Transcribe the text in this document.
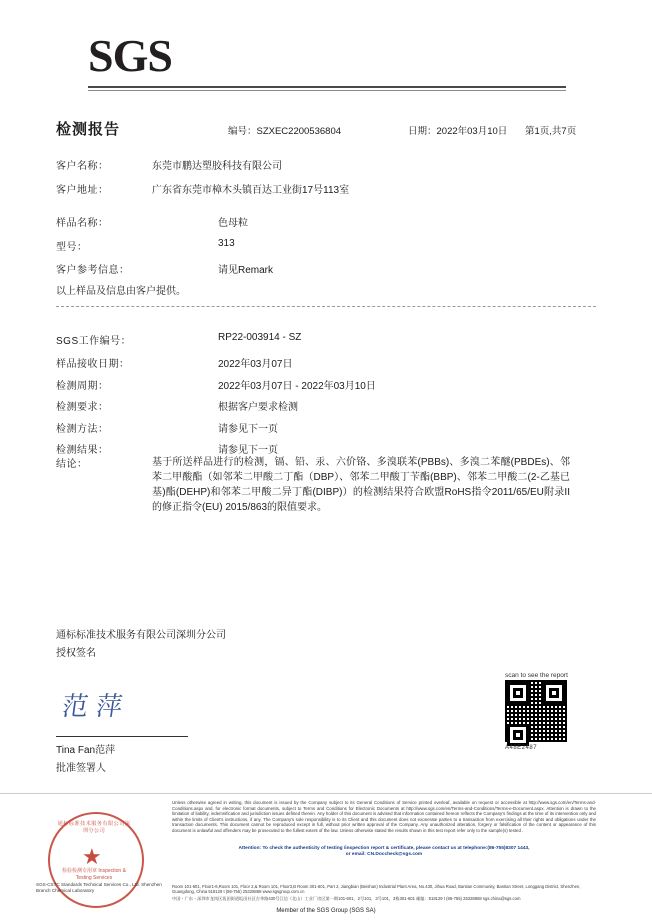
SGS
检测报告	编号：SZXEC2200536804	日期：2022年03月10日 第1页,共7页
客户名称：	东莞市鹏达塑胶科技有限公司
客户地址：	广东省东莞市樟木头镇百达工业街17号113室
样品名称：	色母粒
型号：	313
客户参考信息：	请见Remark
以上样品及信息由客户提供。
SGS工作编号：	RP22-003914 - SZ
样品接收日期：	2022年03月07日
检测周期：	2022年03月07日 - 2022年03月10日
检测要求：	根据客户要求检测
检测方法：	请参见下一页
检测结果：	请参见下一页
结论：	基于所送样品进行的检测，镉、铅、汞、六价铬、多溴联苯(PBBs)、多溴二苯醚(PBDEs)、邻苯二甲酸酯（如邻苯二甲酸二丁酯（DBP）、邻苯二甲酸丁苄酯(BBP)、邻苯二甲酸二(2-乙基已基)酯(DEHP)和邻苯二甲酸二异丁酯(DIBP)）的检测结果符合欧盟RoHS指令2011/65/EU附录II的修正指令(EU) 2015/863的限值要求。
通标标准技术服务有限公司深圳分公司
授权签名
范萍
Tina Fan范萍
批准签署人
scan to see the report
A48E2487
Unless otherwise agreed in writing, this document is issued by the Company subject to its General Conditions of Service printed overleaf, available on request or accessible at http://www.sgs.com/en/Terms-and-Conditions.aspx and, for electronic format documents, subject to Terms and Conditions for Electronic Documents at http://www.sgs.com/en/Terms-and-Conditions/Terms-e-Document.aspx. Attention is drawn to the limitation of liability, indemnification and jurisdiction issues defined therein. Any holder of this document is advised that information contained hereon reflects the Company's findings at the time of its intervention only and within the limits of Client's instructions, if any. The Company's sole responsibility is to its Client and this document does not exonerate parties to a transaction from exercising all their rights and obligations under the transaction documents. This document cannot be reproduced except in full, without prior written approval of the Company. Any unauthorized alteration, forgery or falsification of the content or appearance of this document is unlawful and offenders may be prosecuted to the fullest extent of the law. Unless otherwise stated the results shown in this test report refer only to the sample(s) tested .
Attention: To check the authenticity of testing /inspection report & certificate, please contact us at telephone:(86-755)8307 1443,
or email: CN.Doccheck@sgs.com
Room 101-601, Floor1-6,Room 101, Floor 2,& Room 101, Floor3,B Room 301-601, Part 2, Jiangbian (Beishan) Industrial Plant Area, No.430, Jihua Road, Bantian Community, Bantian Street, Longgang District, Shenzhen, Guangdong, China 518129 t (86-755) 25328868 www.sgsgroup.com.cn
中国・广东・深圳市龙岗区坂田街道坂田社区吉华路430号江边（北山）工业厂房区第一期101-601，2号101，3号101，3栋301-601 邮编：518129 t (86-755) 25328868 sgs.china@sgs.com
Member of the SGS Group (SGS SA)
通标标准技术服务有限公司深圳分公司
★
检验检测专用章 Inspection & Testing Services
SGS-CSTC Standards Technical Services Co., Ltd. Shenzhen Branch Chemical Laboratory
